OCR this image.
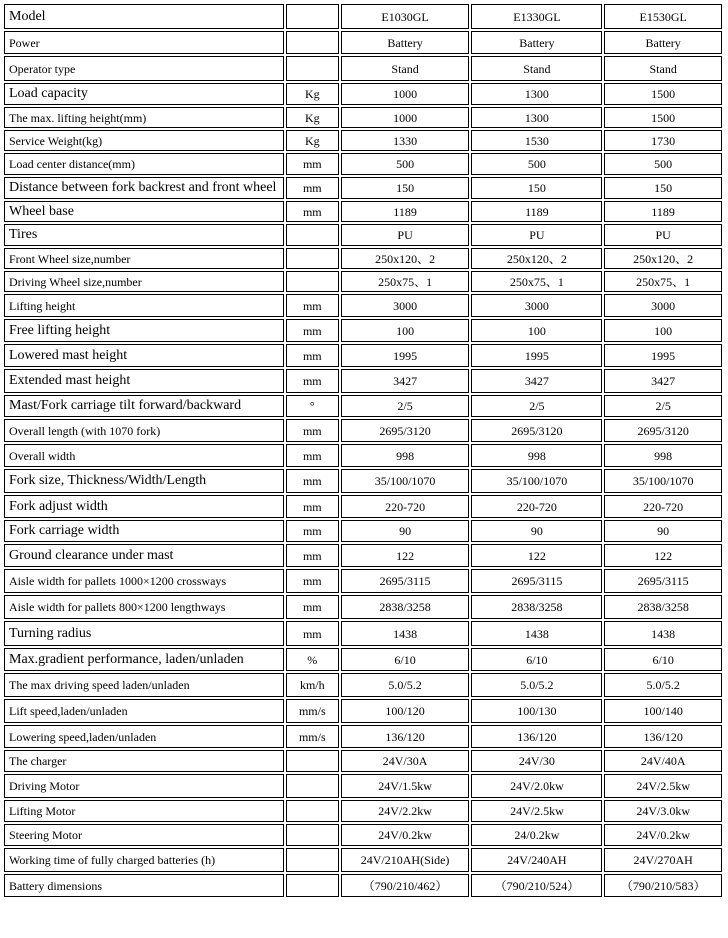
Model		E1030GL	E1330GL	E1530GL
Power		Battery	Battery	Battery
Operator type		Stand	Stand	Stand
Load capacity	Kg	1000	1300	1500
The max. lifting height(mm)	Kg	1000	1300	1500
Service Weight(kg)	Kg	1330	1530	1730
Load center distance(mm)	mm	500	500	500
Distance between fork backrest and front wheel	mm	150	150	150
Wheel base	mm	1189	1189	1189
Tires		PU	PU	PU
Front Wheel size,number		250x120、2	250x120、2	250x120、2
Driving Wheel size,number		250x75、1	250x75、1	250x75、1
Lifting height	mm	3000	3000	3000
Free lifting height	mm	100	100	100
Lowered mast height	mm	1995	1995	1995
Extended mast height	mm	3427	3427	3427
Mast/Fork carriage tilt forward/backward	°	2/5	2/5	2/5
Overall length (with 1070 fork)	mm	2695/3120	2695/3120	2695/3120
Overall width	mm	998	998	998
Fork size, Thickness/Width/Length	mm	35/100/1070	35/100/1070	35/100/1070
Fork adjust width	mm	220-720	220-720	220-720
Fork carriage width	mm	90	90	90
Ground clearance under mast	mm	122	122	122
Aisle width for pallets 1000×1200 crossways	mm	2695/3115	2695/3115	2695/3115
Aisle width for pallets 800×1200 lengthways	mm	2838/3258	2838/3258	2838/3258
Turning radius	mm	1438	1438	1438
Max.gradient performance, laden/unladen	%	6/10	6/10	6/10
The max driving speed laden/unladen	km/h	5.0/5.2	5.0/5.2	5.0/5.2
Lift speed,laden/unladen	mm/s	100/120	100/130	100/140
Lowering speed,laden/unladen	mm/s	136/120	136/120	136/120
The charger		24V/30A	24V/30	24V/40A
Driving Motor		24V/1.5kw	24V/2.0kw	24V/2.5kw
Lifting Motor		24V/2.2kw	24V/2.5kw	24V/3.0kw
Steering Motor		24V/0.2kw	24/0.2kw	24V/0.2kw
Working time of fully charged batteries (h)		24V/210AH(Side)	24V/240AH	24V/270AH
Battery dimensions		（790/210/462）	（790/210/524）	（790/210/583）
